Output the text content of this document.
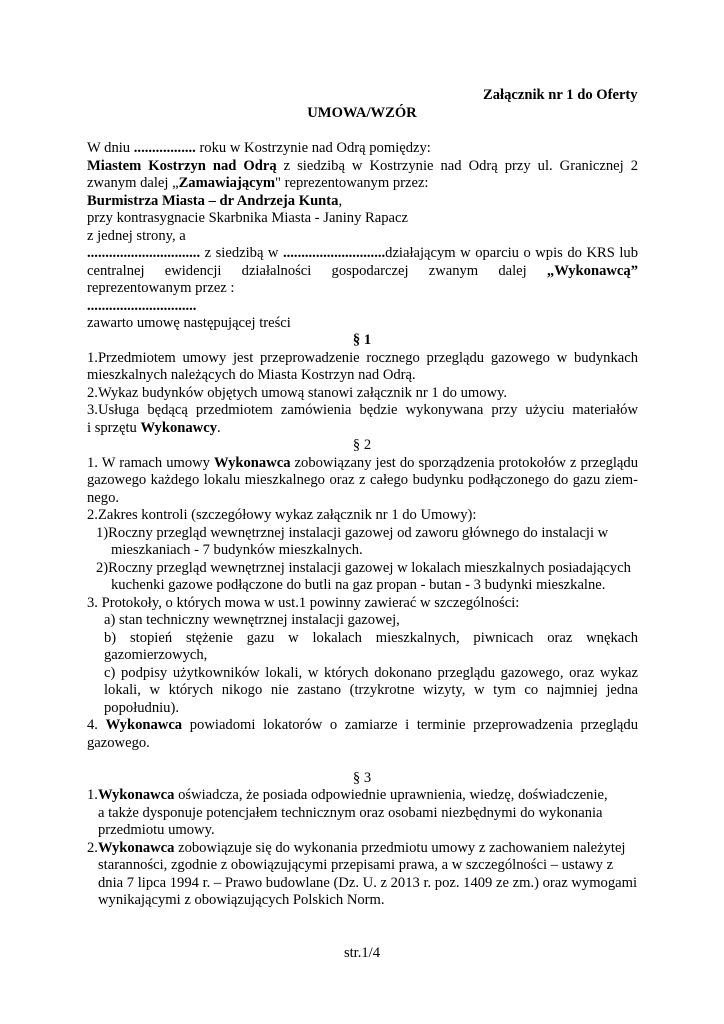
Załącznik nr 1 do Oferty
UMOWA/WZÓR
W dniu ................. roku w Kostrzynie nad Odrą pomiędzy:
Miastem Kostrzyn nad Odrą z siedzibą w Kostrzynie nad Odrą przy ul. Granicznej 2
zwanym dalej „Zamawiającym" reprezentowanym przez:
Burmistrza Miasta – dr Andrzeja Kunta,
przy kontrasygnacie Skarbnika Miasta - Janiny Rapacz
z jednej strony, a
............................... z siedzibą w ............................działającym w oparciu o wpis do KRS lub
centralnej ewidencji działalności gospodarczej zwanym dalej „Wykonawcą”
reprezentowanym przez :
..............................
zawarto umowę następującej treści
§ 1
1.Przedmiotem umowy jest przeprowadzenie rocznego przeglądu gazowego w budynkach
mieszkalnych należących do Miasta Kostrzyn nad Odrą.
2.Wykaz budynków objętych umową stanowi załącznik nr 1 do umowy.
3.Usługa będącą przedmiotem zamówienia będzie wykonywana przy użyciu materiałów
i sprzętu Wykonawcy.
§ 2
1. W ramach umowy Wykonawca zobowiązany jest do sporządzenia protokołów z przeglądu
gazowego każdego lokalu mieszkalnego oraz z całego budynku podłączonego do gazu ziem-
nego.
2.Zakres kontroli (szczegółowy wykaz załącznik nr 1 do Umowy):
1)Roczny przegląd wewnętrznej instalacji gazowej od zaworu głównego do instalacji w
mieszkaniach - 7 budynków mieszkalnych.
2)Roczny przegląd wewnętrznej instalacji gazowej w lokalach mieszkalnych posiadających
kuchenki gazowe podłączone do butli na gaz propan - butan - 3 budynki mieszkalne.
3. Protokoły, o których mowa w ust.1 powinny zawierać w szczególności:
a) stan techniczny wewnętrznej instalacji gazowej,
b) stopień stężenie gazu w lokalach mieszkalnych, piwnicach oraz wnękach
gazomierzowych,
c) podpisy użytkowników lokali, w których dokonano przeglądu gazowego, oraz wykaz
lokali, w których nikogo nie zastano (trzykrotne wizyty, w tym co najmniej jedna
popołudniu).
4. Wykonawca powiadomi lokatorów o zamiarze i terminie przeprowadzenia przeglądu
gazowego.
§ 3
1.Wykonawca oświadcza, że posiada odpowiednie uprawnienia, wiedzę, doświadczenie,
a także dysponuje potencjałem technicznym oraz osobami niezbędnymi do wykonania
przedmiotu umowy.
2.Wykonawca zobowiązuje się do wykonania przedmiotu umowy z zachowaniem należytej
staranności, zgodnie z obowiązującymi przepisami prawa, a w szczególności – ustawy z
dnia 7 lipca 1994 r. – Prawo budowlane (Dz. U. z 2013 r. poz. 1409 ze zm.) oraz wymogami
wynikającymi z obowiązujących Polskich Norm.
str.1/4
